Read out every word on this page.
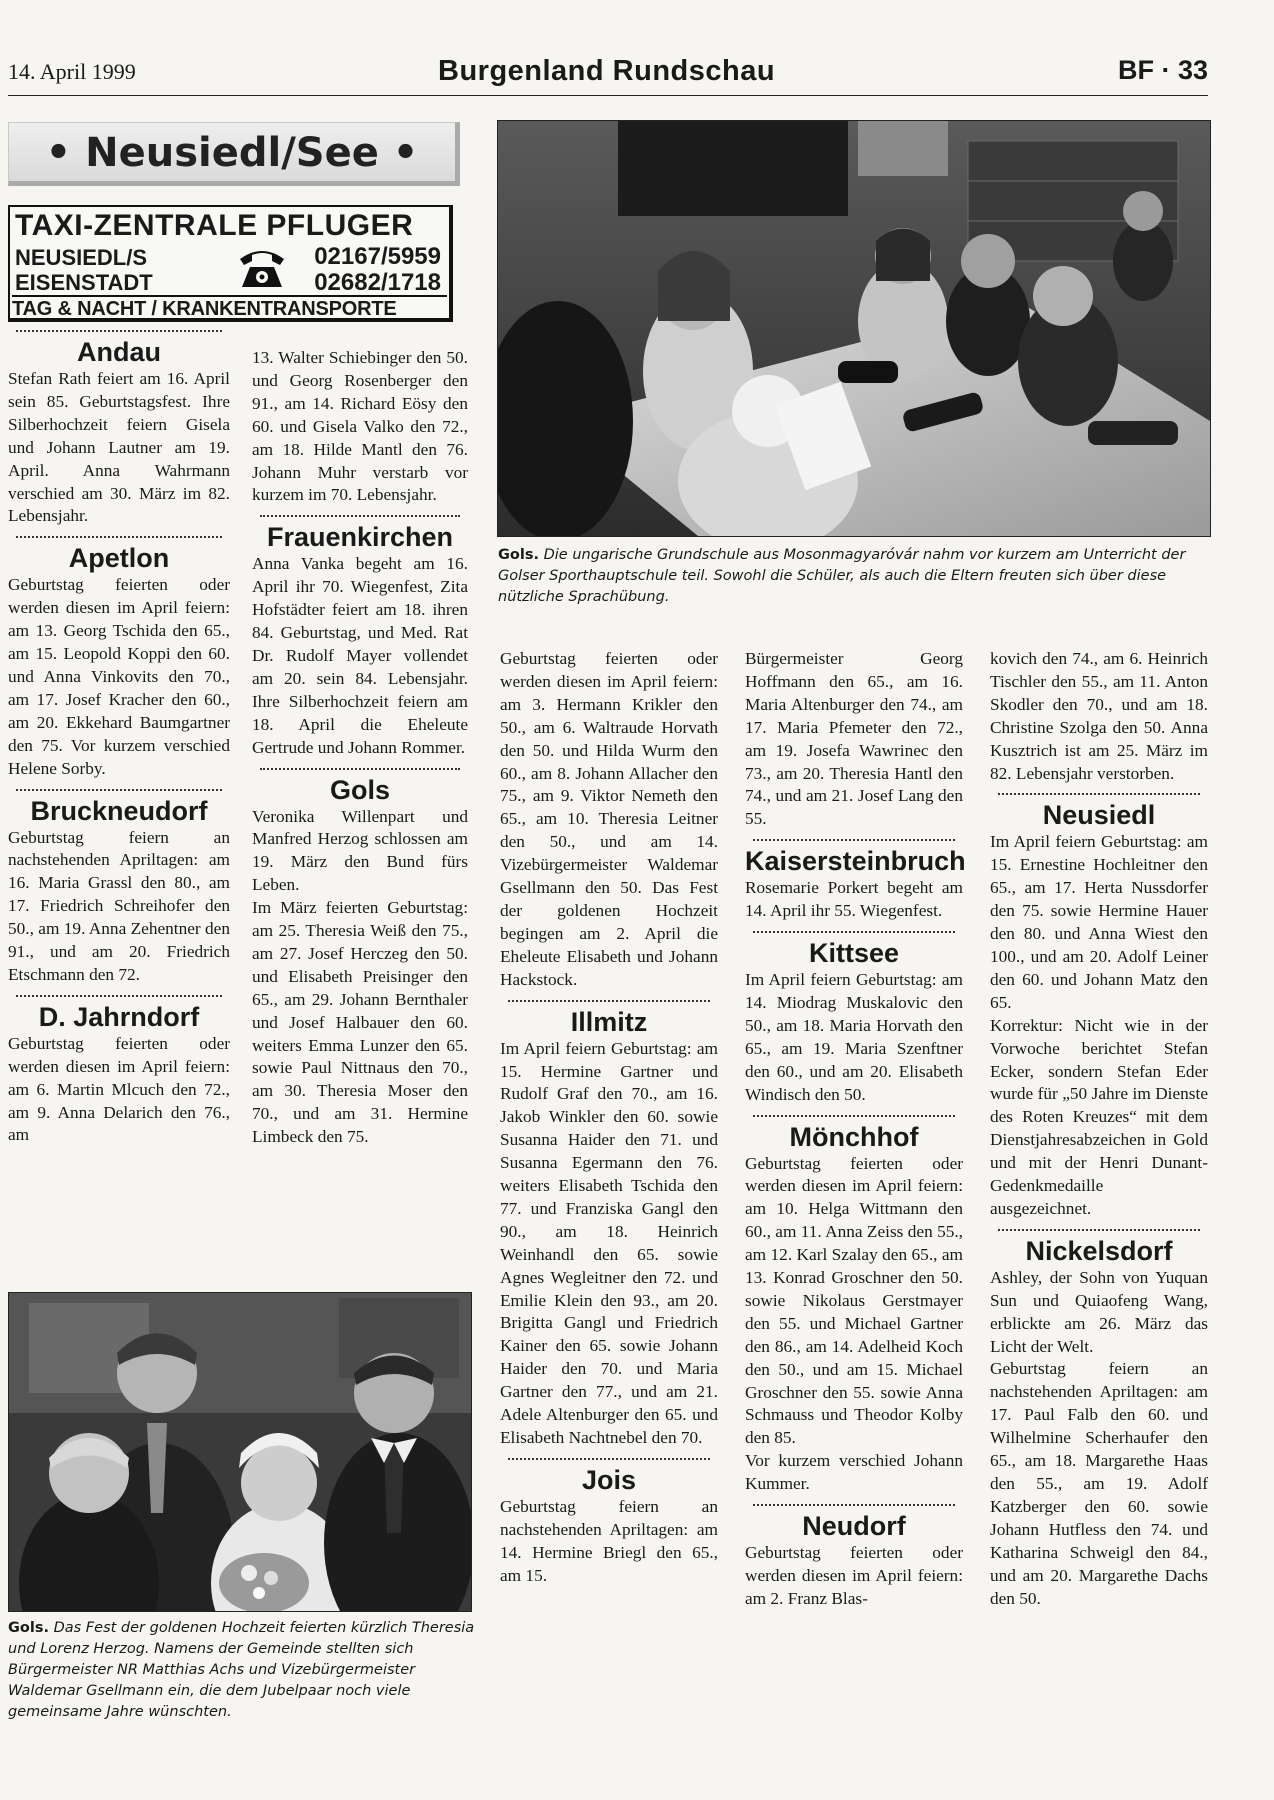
14. April 1999	Burgenland Rundschau	BF · 33
• Neusiedl/See •
TAXI-ZENTRALE PFLUGER
NEUSIEDL/S	02167/5959
EISENSTADT	02682/1718
TAG & NACHT / KRANKENTRANSPORTE
Andau

Stefan Rath feiert am 16. April sein 85. Geburtstagsfest. Ihre Silberhochzeit feiern Gisela und Johann Lautner am 19. April. Anna Wahrmann verschied am 30. März im 82. Lebensjahr.

Apetlon

Geburtstag feierten oder werden diesen im April feiern: am 13. Georg Tschida den 65., am 15. Leopold Koppi den 60. und Anna Vinkovits den 70., am 17. Josef Kracher den 60., am 20. Ekkehard Baumgartner den 75. Vor kurzem verschied Helene Sorby.

Bruckneudorf

Geburtstag feiern an nachstehenden Apriltagen: am 16. Maria Grassl den 80., am 17. Friedrich Schreihofer den 50., am 19. Anna Zehentner den 91., und am 20. Friedrich Etschmann den 72.

D. Jahrndorf

Geburtstag feierten oder werden diesen im April feiern: am 6. Martin Mlcuch den 72., am 9. Anna Delarich den 76., am

13. Walter Schiebinger den 50. und Georg Rosenberger den 91., am 14. Richard Eösy den 60. und Gisela Valko den 72., am 18. Hilde Mantl den 76. Johann Muhr verstarb vor kurzem im 70. Lebensjahr.

Frauenkirchen

Anna Vanka begeht am 16. April ihr 70. Wiegenfest, Zita Hofstädter feiert am 18. ihren 84. Geburtstag, und Med. Rat Dr. Rudolf Mayer vollendet am 20. sein 84. Lebensjahr. Ihre Silberhochzeit feiern am 18. April die Eheleute Gertrude und Johann Rommer.

Gols

Veronika Willenpart und Manfred Herzog schlossen am 19. März den Bund fürs Leben.

Im März feierten Geburtstag: am 25. Theresia Weiß den 75., am 27. Josef Herczeg den 50. und Elisabeth Preisinger den 65., am 29. Johann Bernthaler und Josef Halbauer den 60. weiters Emma Lunzer den 65. sowie Paul Nittnaus den 70., am 30. Theresia Moser den 70., und am 31. Hermine Limbeck den 75.

Gols. Die ungarische Grundschule aus Mosonmagyaróvár nahm vor kurzem am Unterricht der Golser Sporthauptschule teil. Sowohl die Schüler, als auch die Eltern freuten sich über diese nützliche Sprachübung.

Geburtstag feierten oder werden diesen im April feiern: am 3. Hermann Krikler den 50., am 6. Waltraude Horvath den 50. und Hilda Wurm den 60., am 8. Johann Allacher den 75., am 9. Viktor Nemeth den 65., am 10. Theresia Leitner den 50., und am 14. Vizebürgermeister Waldemar Gsellmann den 50. Das Fest der goldenen Hochzeit begingen am 2. April die Eheleute Elisabeth und Johann Hackstock.

Illmitz

Im April feiern Geburtstag: am 15. Hermine Gartner und Rudolf Graf den 70., am 16. Jakob Winkler den 60. sowie Susanna Haider den 71. und Susanna Egermann den 76. weiters Elisabeth Tschida den 77. und Franziska Gangl den 90., am 18. Heinrich Weinhandl den 65. sowie Agnes Wegleitner den 72. und Emilie Klein den 93., am 20. Brigitta Gangl und Friedrich Kainer den 65. sowie Johann Haider den 70. und Maria Gartner den 77., und am 21. Adele Altenburger den 65. und Elisabeth Nachtnebel den 70.

Jois

Geburtstag feiern an nachstehenden Apriltagen: am 14. Hermine Briegl den 65., am 15.

Bürgermeister Georg Hoffmann den 65., am 16. Maria Altenburger den 74., am 17. Maria Pfemeter den 72., am 19. Josefa Wawrinec den 73., am 20. Theresia Hantl den 74., und am 21. Josef Lang den 55.

Kaisersteinbruch

Rosemarie Porkert begeht am 14. April ihr 55. Wiegenfest.

Kittsee

Im April feiern Geburtstag: am 14. Miodrag Muskalovic den 50., am 18. Maria Horvath den 65., am 19. Maria Szenftner den 60., und am 20. Elisabeth Windisch den 50.

Mönchhof

Geburtstag feierten oder werden diesen im April feiern: am 10. Helga Wittmann den 60., am 11. Anna Zeiss den 55., am 12. Karl Szalay den 65., am 13. Konrad Groschner den 50. sowie Nikolaus Gerstmayer den 55. und Michael Gartner den 86., am 14. Adelheid Koch den 50., und am 15. Michael Groschner den 55. sowie Anna Schmauss und Theodor Kolby den 85.

Vor kurzem verschied Johann Kummer.

Neudorf

Geburtstag feierten oder werden diesen im April feiern: am 2. Franz Blas-

kovich den 74., am 6. Heinrich Tischler den 55., am 11. Anton Skodler den 70., und am 18. Christine Szolga den 50. Anna Kusztrich ist am 25. März im 82. Lebensjahr verstorben.

Neusiedl

Im April feiern Geburtstag: am 15. Ernestine Hochleitner den 65., am 17. Herta Nussdorfer den 75. sowie Hermine Hauer den 80. und Anna Wiest den 100., und am 20. Adolf Leiner den 60. und Johann Matz den 65.

Korrektur: Nicht wie in der Vorwoche berichtet Stefan Ecker, sondern Stefan Eder wurde für „50 Jahre im Dienste des Roten Kreuzes“ mit dem Dienstjahresabzeichen in Gold und mit der Henri Dunant-Gedenkmedaille ausgezeichnet.

Nickelsdorf

Ashley, der Sohn von Yuquan Sun und Quiaofeng Wang, erblickte am 26. März das Licht der Welt.

Geburtstag feiern an nachstehenden Apriltagen: am 17. Paul Falb den 60. und Wilhelmine Scherhaufer den 65., am 18. Margarethe Haas den 55., am 19. Adolf Katzberger den 60. sowie Johann Hutfless den 74. und Katharina Schweigl den 84., und am 20. Margarethe Dachs den 50.

Gols. Das Fest der goldenen Hochzeit feierten kürzlich Theresia und Lorenz Herzog. Namens der Gemeinde stellten sich Bürgermeister NR Matthias Achs und Vizebürgermeister Waldemar Gsellmann ein, die dem Jubelpaar noch viele gemeinsame Jahre wünschten.
